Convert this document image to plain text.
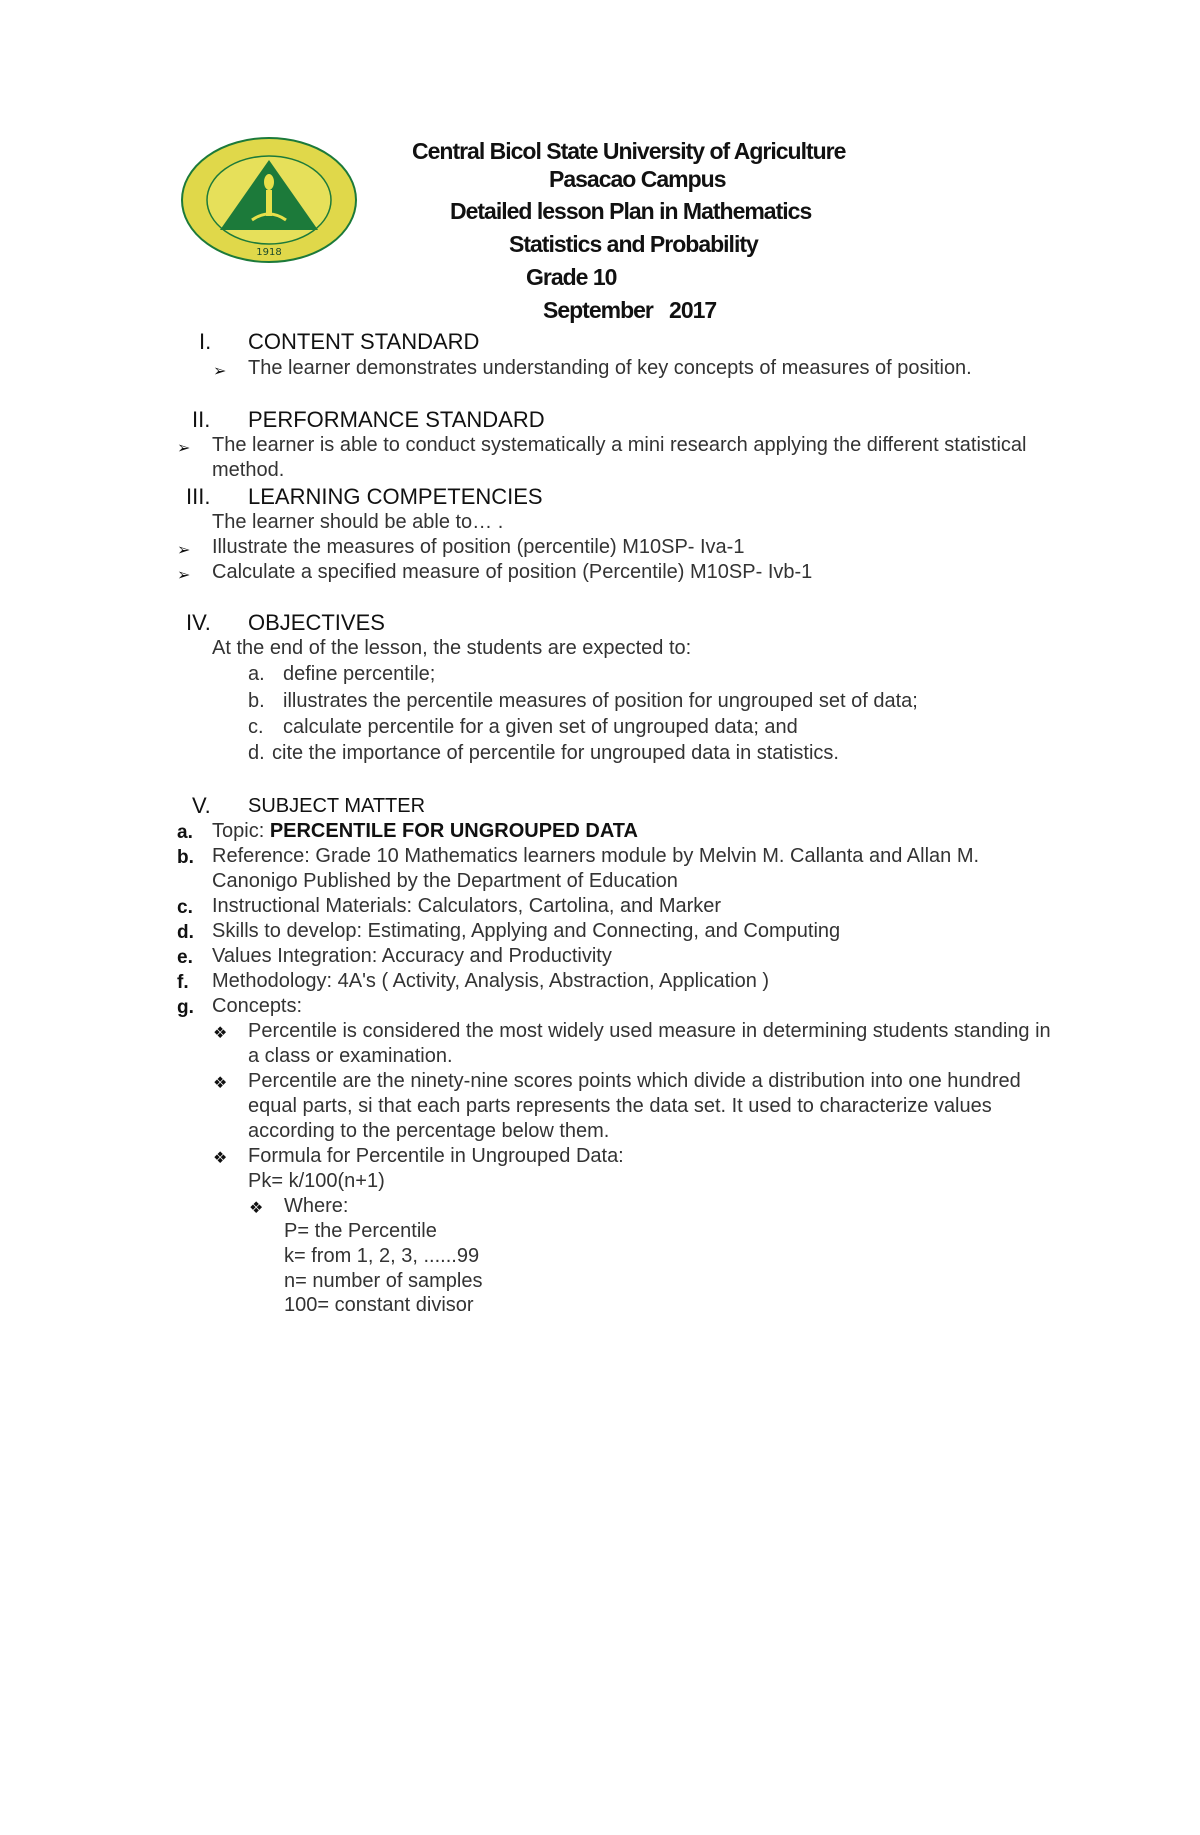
1918
Central Bicol State University of Agriculture
Pasacao Campus
Detailed lesson Plan in Mathematics
Statistics and Probability
Grade 10
September   2017
I. CONTENT STANDARD
➢ The learner demonstrates understanding of key concepts of measures of position.
II. PERFORMANCE STANDARD
➢ The learner is able to conduct systematically a mini research applying the different statistical
method.
III. LEARNING COMPETENCIES
The learner should be able to… .
➢ Illustrate the measures of position (percentile) M10SP- Iva-1
➢ Calculate a specified measure of position (Percentile) M10SP- Ivb-1
IV. OBJECTIVES
At the end of the lesson, the students are expected to:
a. define percentile;
b. illustrates the percentile measures of position for ungrouped set of data;
c. calculate percentile for a given set of ungrouped data; and
d. cite the importance of percentile for ungrouped data in statistics.
V. SUBJECT MATTER
a. Topic: PERCENTILE FOR UNGROUPED DATA
b. Reference: Grade 10 Mathematics learners module by Melvin M. Callanta and Allan M.
Canonigo Published by the Department of Education
c. Instructional Materials: Calculators, Cartolina, and Marker
d. Skills to develop: Estimating, Applying and Connecting, and Computing
e. Values Integration: Accuracy and Productivity
f. Methodology: 4A's ( Activity, Analysis, Abstraction, Application )
g. Concepts:
❖ Percentile is considered the most widely used measure in determining students standing in
a class or examination.
❖ Percentile are the ninety-nine scores points which divide a distribution into one hundred
equal parts, si that each parts represents the data set. It used to characterize values
according to the percentage below them.
❖ Formula for Percentile in Ungrouped Data:
Pk= k/100(n+1)
❖ Where:
P= the Percentile
k= from 1, 2, 3, ......99
n= number of samples
100= constant divisor
